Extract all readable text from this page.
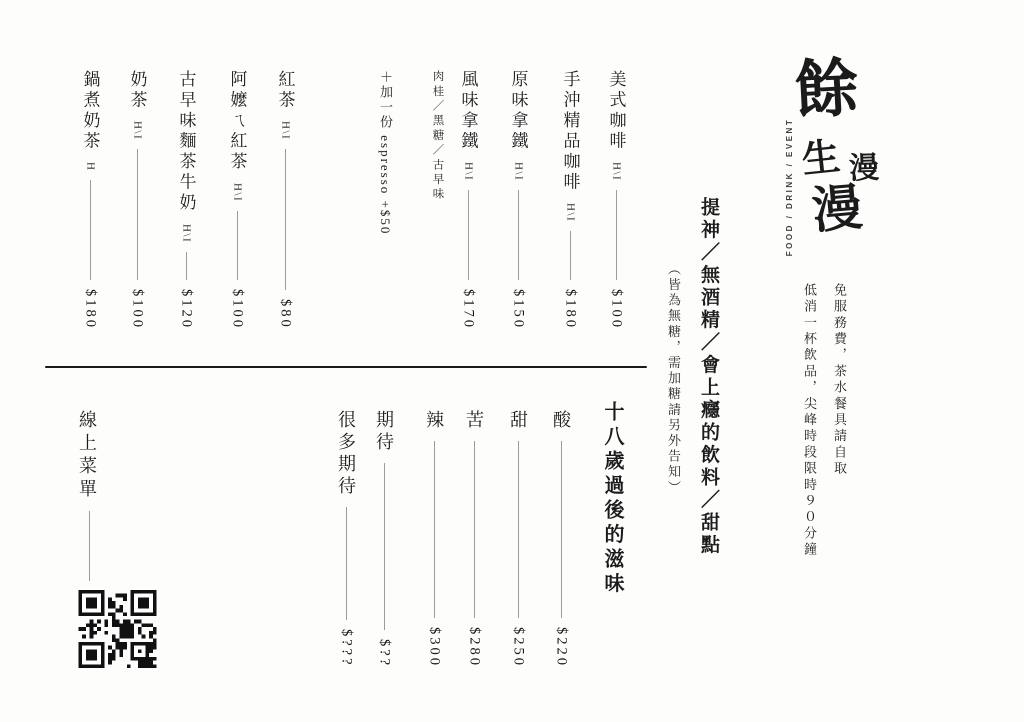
餘
生 漫
漫
FOOD / DRINK / EVENT
免服務費，茶水餐具請自取
低消一杯飲品，尖峰時段限時９０分鐘
提神／無酒精／會上癮的飲料／甜點
（皆為無糖，需加糖請另外告知）
美式咖啡
H\I
$100
手沖精品咖啡
H\I
$180
原味拿鐵
H\I
$150
風味拿鐵
H\I
$170
肉桂／黑糖／古早味
＋加一份 espresso +$50
紅茶
H\I
$80
阿嬤ㄟ紅茶
H\I
$100
古早味麵茶牛奶
H\I
$120
奶茶
H\I
$100
鍋煮奶茶
H
$180
十八歲過後的滋味
酸
$220
甜
$250
苦
$280
辣
$300
期待
$??
很多期待
$???
線上菜單
